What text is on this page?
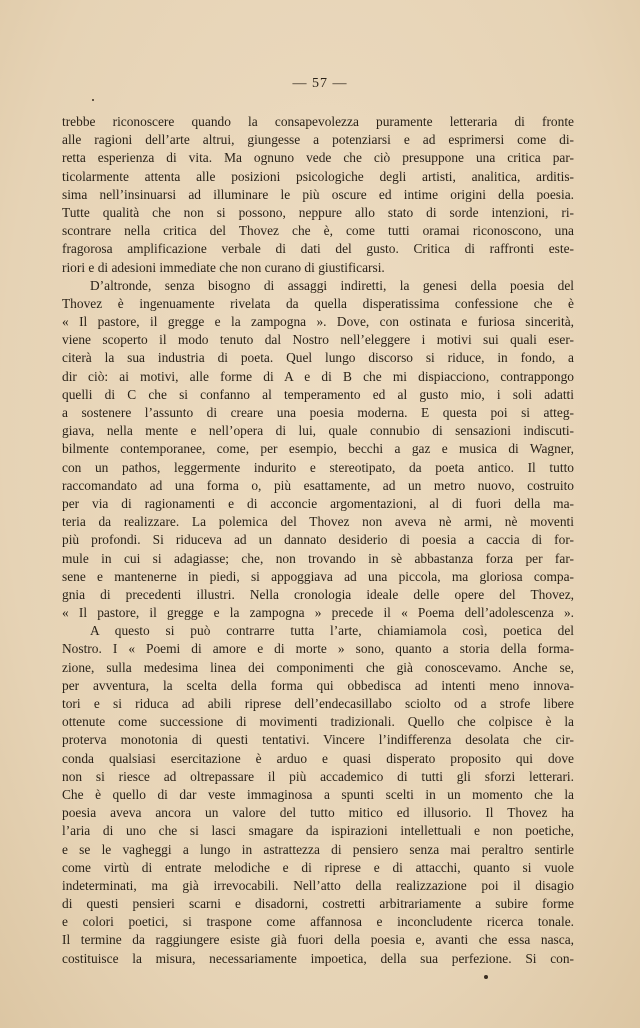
— 57 —
trebbe riconoscere quando la consapevolezza puramente letteraria di fronte
alle ragioni dell’arte altrui, giungesse a potenziarsi e ad esprimersi come di-
retta esperienza di vita. Ma ognuno vede che ciò presuppone una critica par-
ticolarmente attenta alle posizioni psicologiche degli artisti, analitica, arditis-
sima nell’insinuarsi ad illuminare le più oscure ed intime origini della poesia.
Tutte qualità che non si possono, neppure allo stato di sorde intenzioni, ri-
scontrare nella critica del Thovez che è, come tutti oramai riconoscono, una
fragorosa amplificazione verbale di dati del gusto. Critica di raffronti este-
riori e di adesioni immediate che non curano di giustificarsi.
D’altronde, senza bisogno di assaggi indiretti, la genesi della poesia del
Thovez è ingenuamente rivelata da quella disperatissima confessione che è
« Il pastore, il gregge e la zampogna ». Dove, con ostinata e furiosa sincerità,
viene scoperto il modo tenuto dal Nostro nell’eleggere i motivi sui quali eser-
citerà la sua industria di poeta. Quel lungo discorso si riduce, in fondo, a
dir ciò: ai motivi, alle forme di A e di B che mi dispiacciono, contrappongo
quelli di C che si confanno al temperamento ed al gusto mio, i soli adatti
a sostenere l’assunto di creare una poesia moderna. E questa poi si atteg-
giava, nella mente e nell’opera di lui, quale connubio di sensazioni indiscuti-
bilmente contemporanee, come, per esempio, becchi a gaz e musica di Wagner,
con un pathos, leggermente indurito e stereotipato, da poeta antico. Il tutto
raccomandato ad una forma o, più esattamente, ad un metro nuovo, costruito
per via di ragionamenti e di acconcie argomentazioni, al di fuori della ma-
teria da realizzare. La polemica del Thovez non aveva nè armi, nè moventi
più profondi. Si riduceva ad un dannato desiderio di poesia a caccia di for-
mule in cui si adagiasse; che, non trovando in sè abbastanza forza per far-
sene e mantenerne in piedi, si appoggiava ad una piccola, ma gloriosa compa-
gnia di precedenti illustri. Nella cronologia ideale delle opere del Thovez,
« Il pastore, il gregge e la zampogna » precede il « Poema dell’adolescenza ».
A questo si può contrarre tutta l’arte, chiamiamola così, poetica del
Nostro. I « Poemi di amore e di morte » sono, quanto a storia della forma-
zione, sulla medesima linea dei componimenti che già conoscevamo. Anche se,
per avventura, la scelta della forma qui obbedisca ad intenti meno innova-
tori e si riduca ad abili riprese dell’endecasillabo sciolto od a strofe libere
ottenute come successione di movimenti tradizionali. Quello che colpisce è la
proterva monotonia di questi tentativi. Vincere l’indifferenza desolata che cir-
conda qualsiasi esercitazione è arduo e quasi disperato proposito qui dove
non si riesce ad oltrepassare il più accademico di tutti gli sforzi letterari.
Che è quello di dar veste immaginosa a spunti scelti in un momento che la
poesia aveva ancora un valore del tutto mitico ed illusorio. Il Thovez ha
l’aria di uno che si lasci smagare da ispirazioni intellettuali e non poetiche,
e se le vagheggi a lungo in astrattezza di pensiero senza mai peraltro sentirle
come virtù di entrate melodiche e di riprese e di attacchi, quanto si vuole
indeterminati, ma già irrevocabili. Nell’atto della realizzazione poi il disagio
di questi pensieri scarni e disadorni, costretti arbitrariamente a subire forme
e colori poetici, si traspone come affannosa e inconcludente ricerca tonale.
Il termine da raggiungere esiste già fuori della poesia e, avanti che essa nasca,
costituisce la misura, necessariamente impoetica, della sua perfezione. Si con-
